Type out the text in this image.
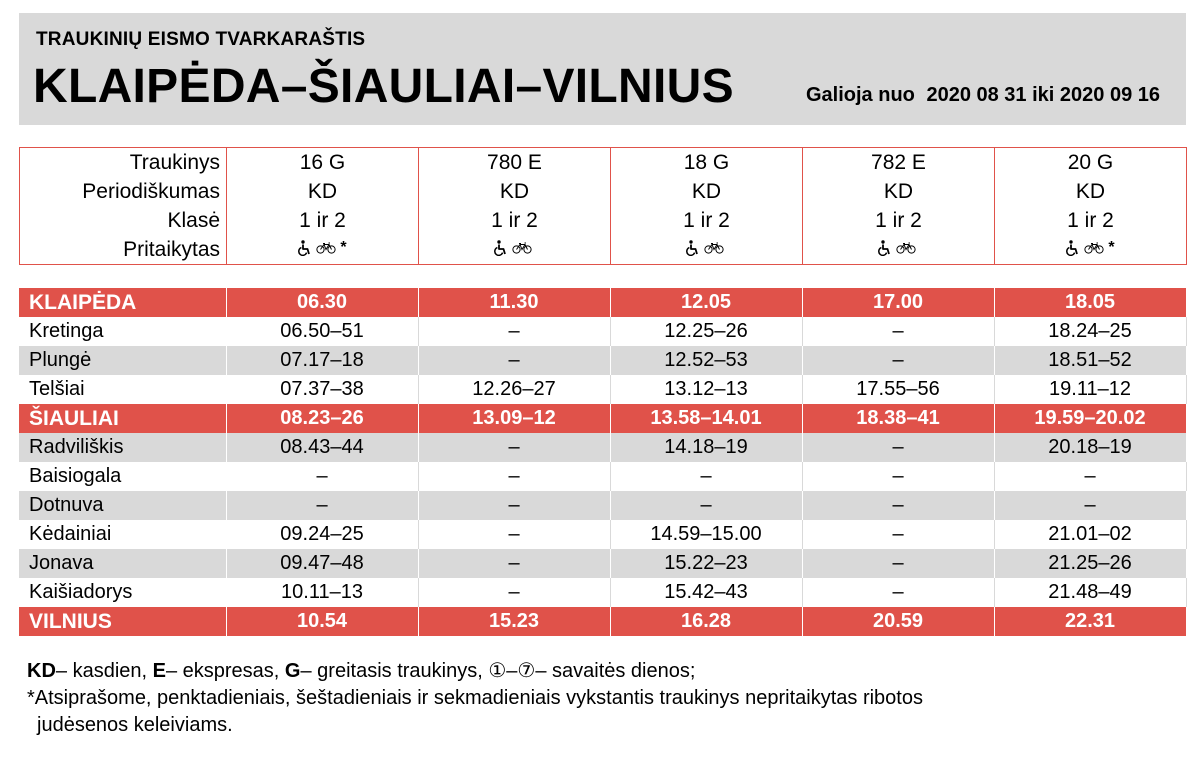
TRAUKINIŲ EISMO TVARKARAŠTIS
KLAIPĖDA–ŠIAULIAI–VILNIUS	Galioja nuo 2020 08 31 iki 2020 09 16
Traukinys	16 G	780 E	18 G	782 E	20 G
Periodiškumas	KD	KD	KD	KD	KD
Klasė	1 ir 2	1 ir 2	1 ir 2	1 ir 2	1 ir 2
Pritaikytas	*				*
KLAIPĖDA	06.30	11.30	12.05	17.00	18.05
Kretinga	06.50–51	–	12.25–26	–	18.24–25
Plungė	07.17–18	–	12.52–53	–	18.51–52
Telšiai	07.37–38	12.26–27	13.12–13	17.55–56	19.11–12
ŠIAULIAI	08.23–26	13.09–12	13.58–14.01	18.38–41	19.59–20.02
Radviliškis	08.43–44	–	14.18–19	–	20.18–19
Baisiogala	–	–	–	–	–
Dotnuva	–	–	–	–	–
Kėdainiai	09.24–25	–	14.59–15.00	–	21.01–02
Jonava	09.47–48	–	15.22–23	–	21.25–26
Kaišiadorys	10.11–13	–	15.42–43	–	21.48–49
VILNIUS	10.54	15.23	16.28	20.59	22.31
KD– kasdien, E– ekspresas, G– greitasis traukinys, ①–⑦– savaitės dienos;
*Atsiprašome, penktadieniais, šeštadieniais ir sekmadieniais vykstantis traukinys nepritaikytas ribotos
judėsenos keleiviams.
